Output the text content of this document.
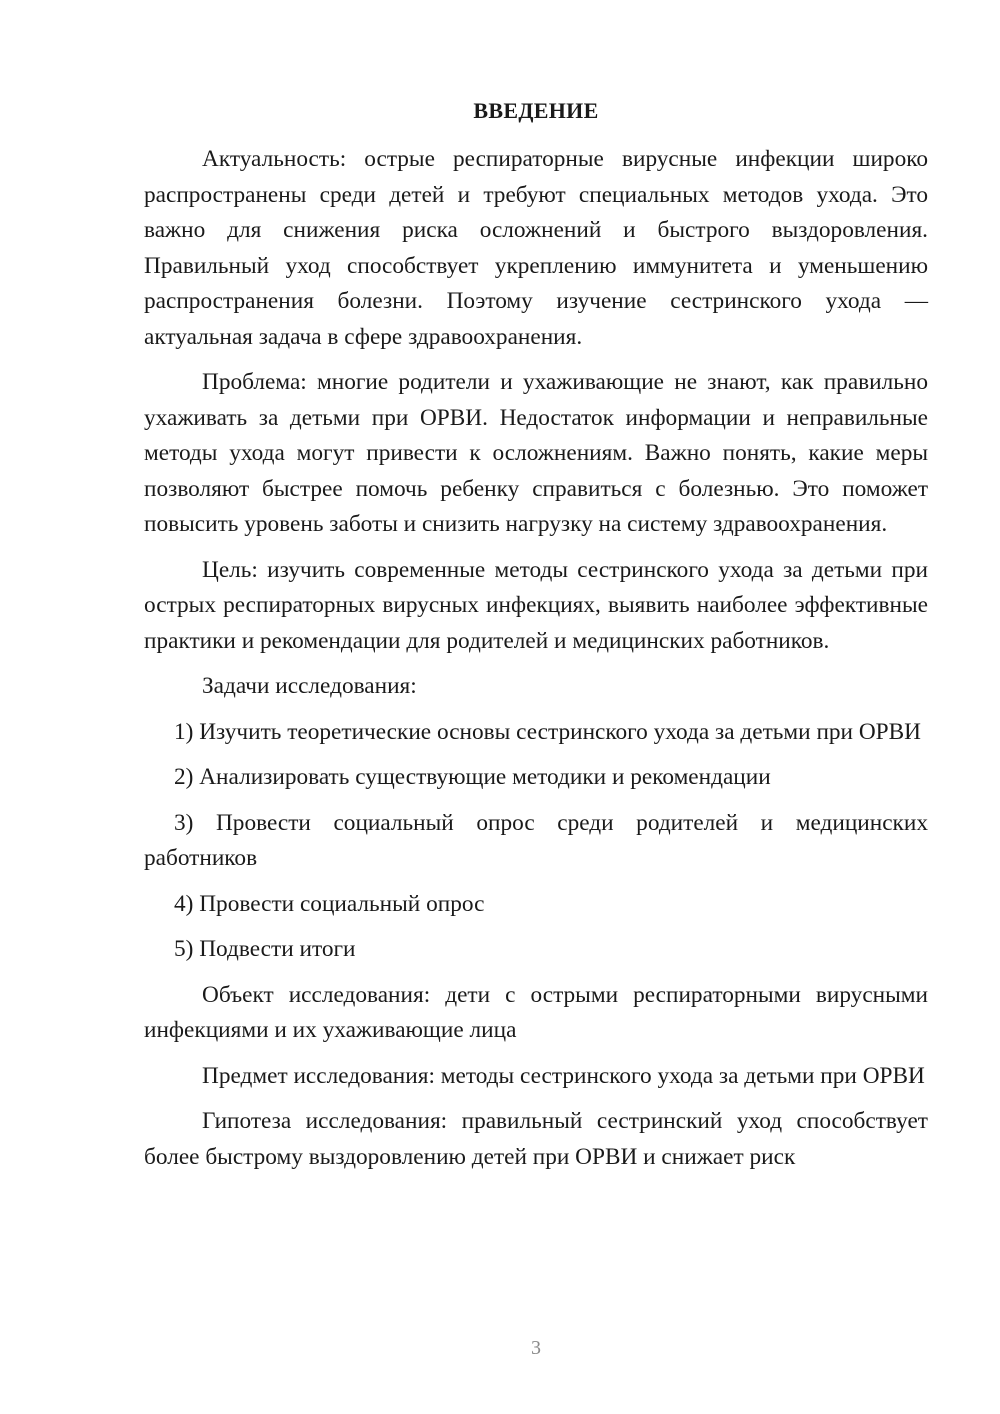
ВВЕДЕНИЕ

Актуальность: острые респираторные вирусные инфекции широко распространены среди детей и требуют специальных методов ухода. Это важно для снижения риска осложнений и быстрого выздоровления. Правильный уход способствует укреплению иммунитета и уменьшению распространения болезни. Поэтому изучение сестринского ухода — актуальная задача в сфере здравоохранения.

Проблема: многие родители и ухаживающие не знают, как правильно ухаживать за детьми при ОРВИ. Недостаток информации и неправильные методы ухода могут привести к осложнениям. Важно понять, какие меры позволяют быстрее помочь ребенку справиться с болезнью. Это поможет повысить уровень заботы и снизить нагрузку на систему здравоохранения.

Цель: изучить современные методы сестринского ухода за детьми при острых респираторных вирусных инфекциях, выявить наиболее эффективные практики и рекомендации для родителей и медицинских работников.

Задачи исследования:

1) Изучить теоретические основы сестринского ухода за детьми при ОРВИ

2) Анализировать существующие методики и рекомендации

3) Провести социальный опрос среди родителей и медицинских работников

4) Провести социальный опрос

5) Подвести итоги

Объект исследования: дети с острыми респираторными вирусными инфекциями и их ухаживающие лица

Предмет исследования: методы сестринского ухода за детьми при ОРВИ

Гипотеза исследования: правильный сестринский уход способствует более быстрому выздоровлению детей при ОРВИ и снижает риск

3
